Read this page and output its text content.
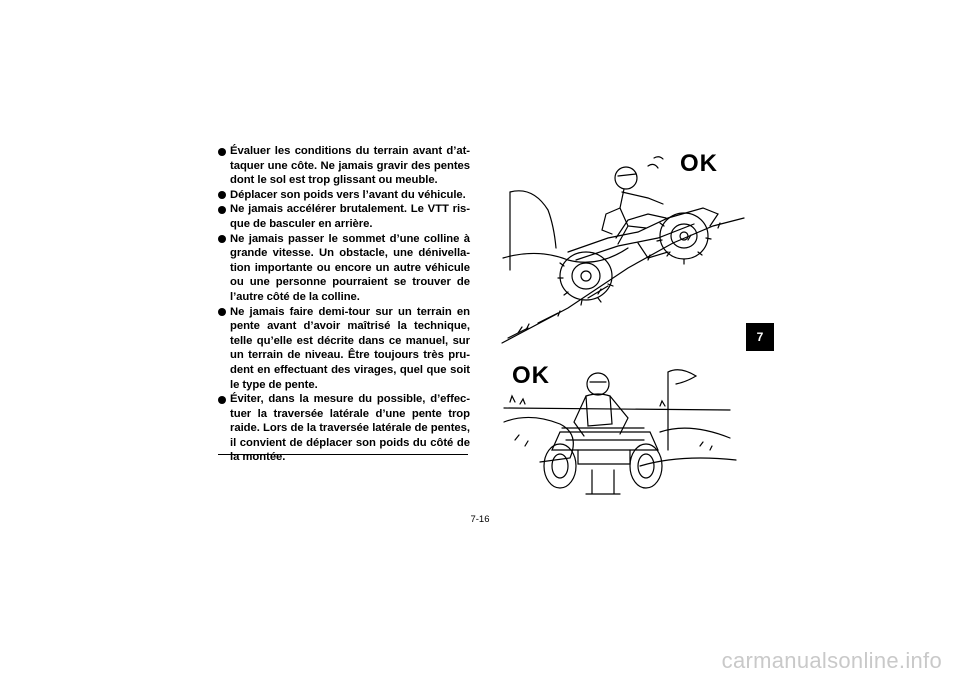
Évaluer les conditions du terrain avant d’at-taquer une côte. Ne jamais gravir des pentes dont le sol est trop glissant ou meuble.
Déplacer son poids vers l’avant du véhicule.
Ne jamais accélérer brutalement. Le VTT ris-que de basculer en arrière.
Ne jamais passer le sommet d’une colline à grande vitesse. Un obstacle, une dénivella-tion importante ou encore un autre véhicule ou une personne pourraient se trouver de l’autre côté de la colline.
Ne jamais faire demi-tour sur un terrain en pente avant d’avoir maîtrisé la technique, telle qu’elle est décrite dans ce manuel, sur un terrain de niveau. Être toujours très pru-dent en effectuant des virages, quel que soit le type de pente.
Éviter, dans la mesure du possible, d’effec-tuer la traversée latérale d’une pente trop raide. Lors de la traversée latérale de pentes, il convient de déplacer son poids du côté de la montée.
OK
OK
7
7-16
carmanualsonline.info
